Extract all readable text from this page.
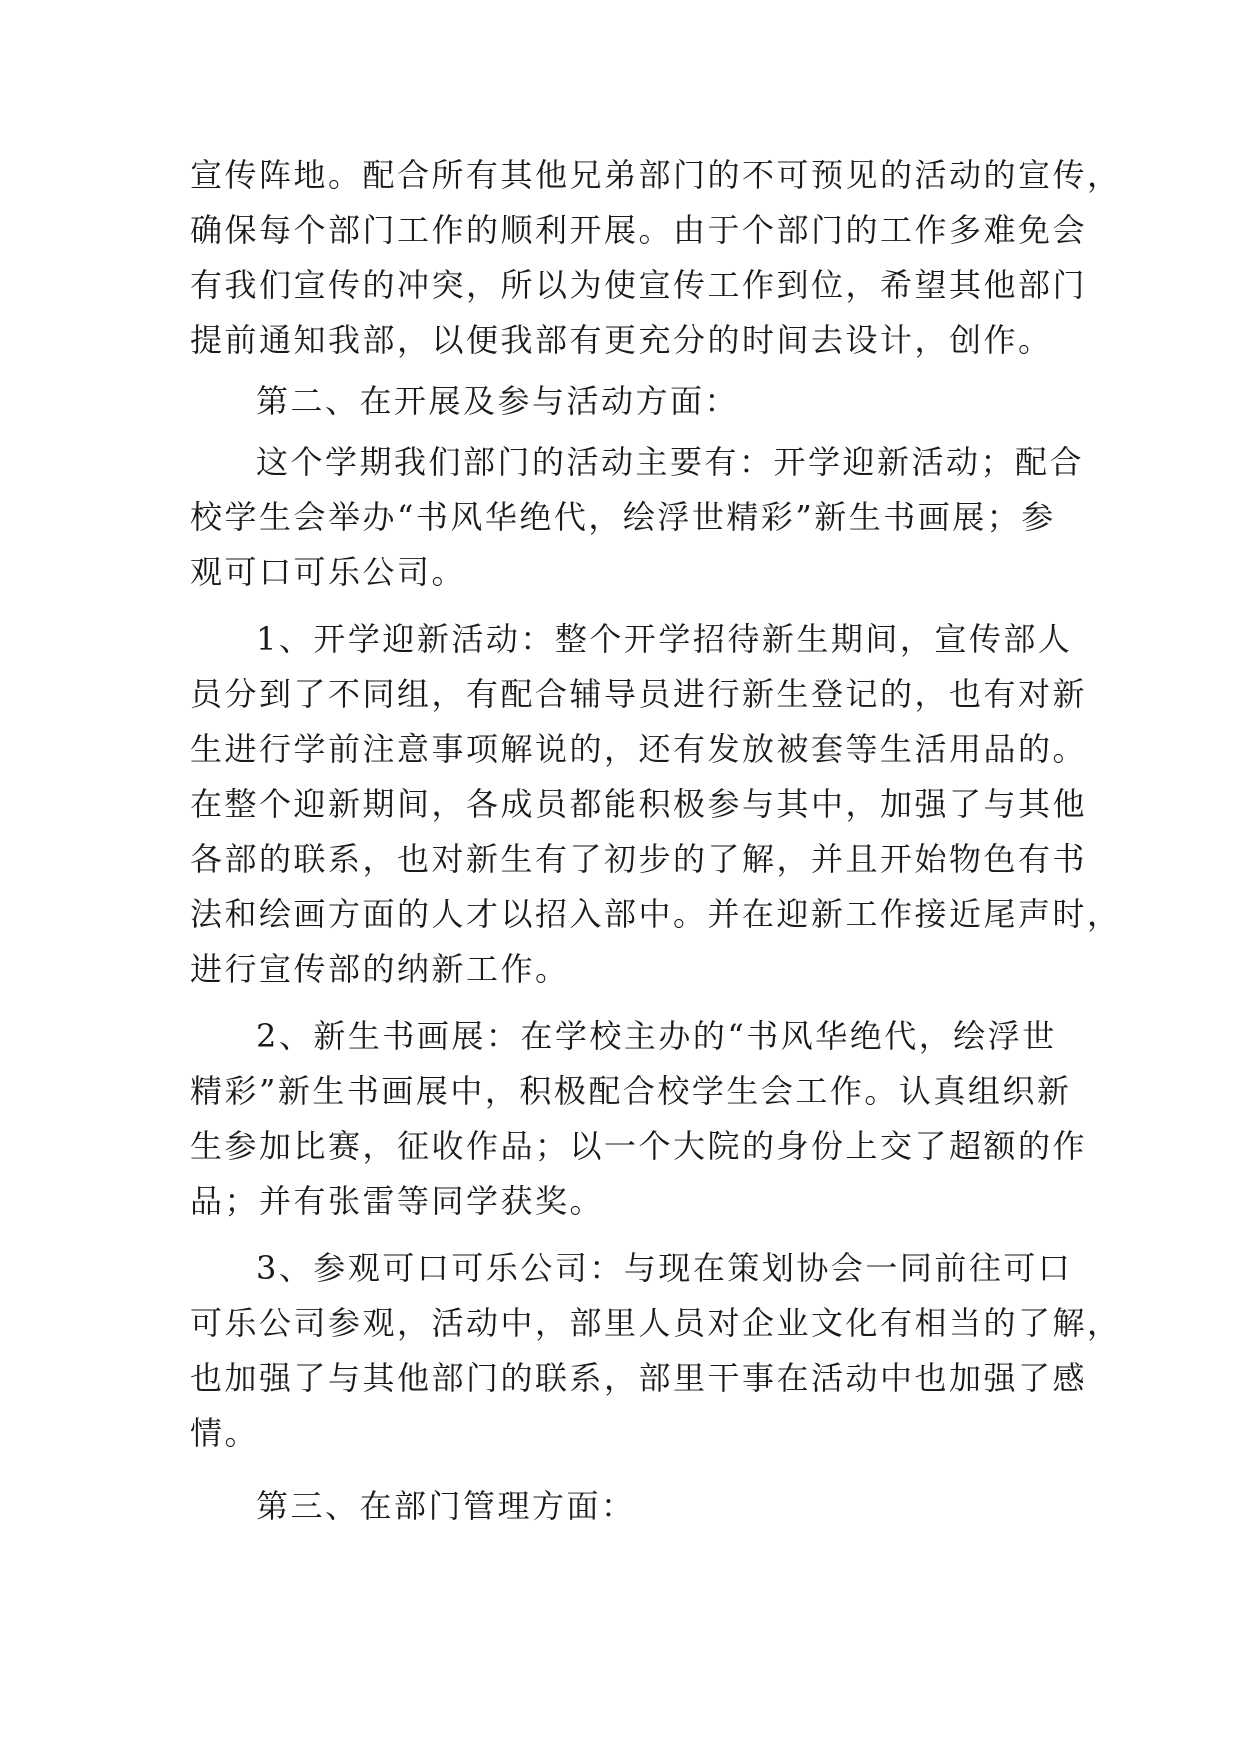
宣传阵地。配合所有其他兄弟部门的不可预见的活动的宣传，
确保每个部门工作的顺利开展。由于个部门的工作多难免会
有我们宣传的冲突，所以为使宣传工作到位，希望其他部门
提前通知我部，以便我部有更充分的时间去设计，创作。
第二、在开展及参与活动方面：
这个学期我们部门的活动主要有：开学迎新活动；配合
校学生会举办“书风华绝代，绘浮世精彩”新生书画展；参
观可口可乐公司。
1、开学迎新活动：整个开学招待新生期间，宣传部人
员分到了不同组，有配合辅导员进行新生登记的，也有对新
生进行学前注意事项解说的，还有发放被套等生活用品的。
在整个迎新期间，各成员都能积极参与其中，加强了与其他
各部的联系，也对新生有了初步的了解，并且开始物色有书
法和绘画方面的人才以招入部中。并在迎新工作接近尾声时，
进行宣传部的纳新工作。
2、新生书画展：在学校主办的“书风华绝代，绘浮世
精彩”新生书画展中，积极配合校学生会工作。认真组织新
生参加比赛，征收作品；以一个大院的身份上交了超额的作
品；并有张雷等同学获奖。
3、参观可口可乐公司：与现在策划协会一同前往可口
可乐公司参观，活动中，部里人员对企业文化有相当的了解，
也加强了与其他部门的联系，部里干事在活动中也加强了感
情。
第三、在部门管理方面：
